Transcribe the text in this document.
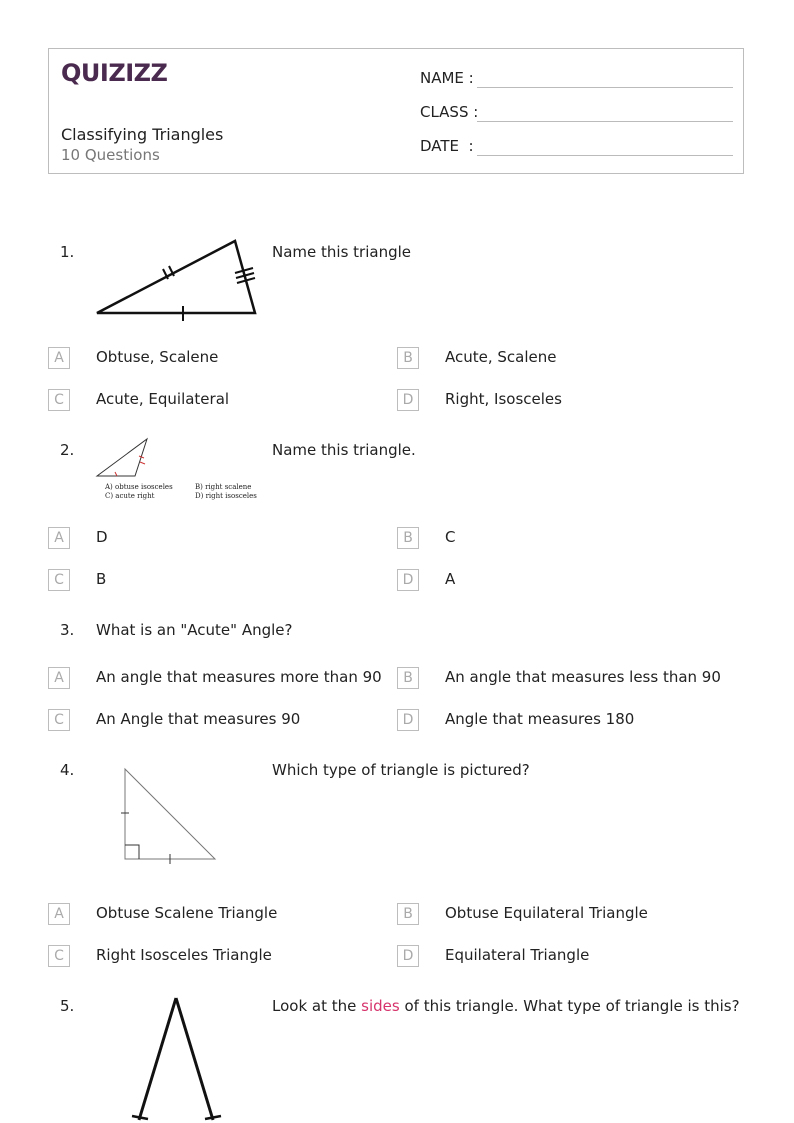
QUIZIZZ
Classifying Triangles
10 Questions
NAME :
CLASS :
DATE  :
1.	Name this triangle
A	Obtuse, Scalene	B	Acute, Scalene
C	Acute, Equilateral	D	Right, Isosceles
2.
A) obtuse isosceles	B) right scalene
C) acute right	D) right isosceles
Name this triangle.
A	D	B	C
C	B	D	A
3. What is an "Acute" Angle?
A	An angle that measures more than 90	B	An angle that measures less than 90
C	An Angle that measures 90	D	Angle that measures 180
4.	Which type of triangle is pictured?
A	Obtuse Scalene Triangle	B	Obtuse Equilateral Triangle
C	Right Isosceles Triangle	D	Equilateral Triangle
5.	Look at the sides of this triangle. What type of triangle is this?
